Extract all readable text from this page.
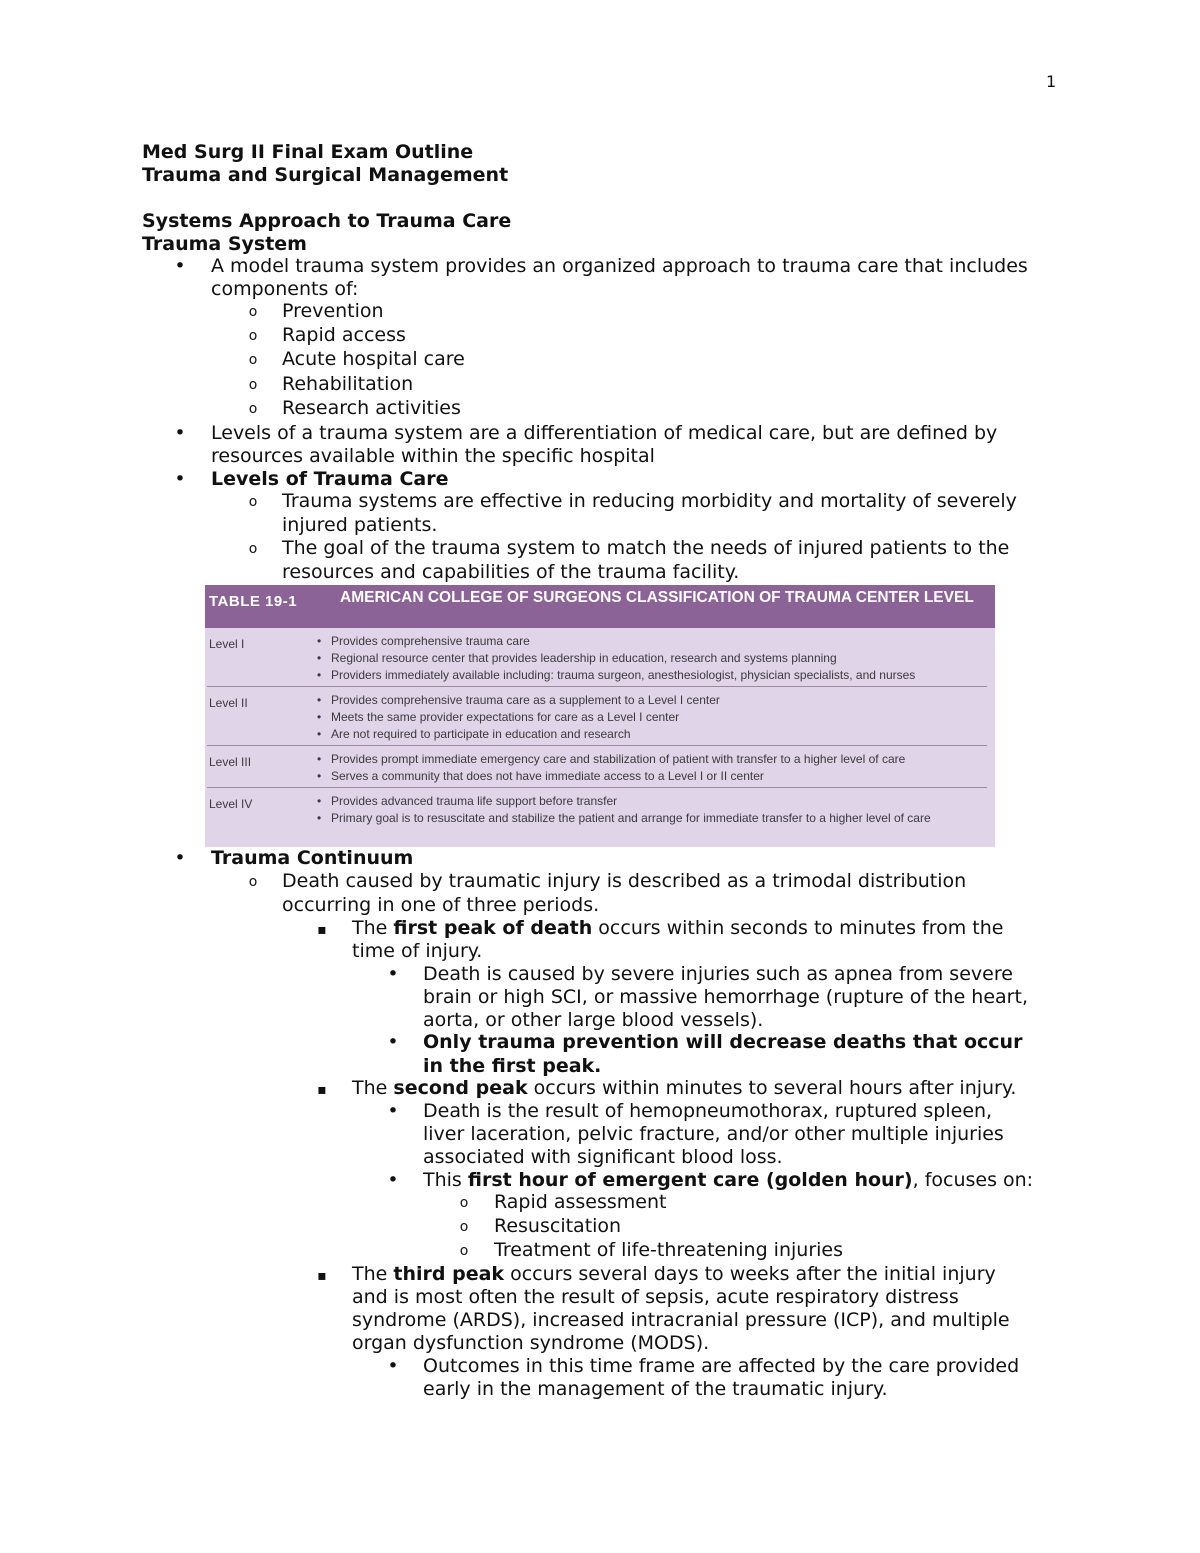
1
Med Surg II Final Exam Outline
Trauma and Surgical Management
Systems Approach to Trauma Care
Trauma System
•
A model trauma system provides an organized approach to trauma care that includes
components of:
o	Prevention
o	Rapid access
o	Acute hospital care
o	Rehabilitation
o	Research activities
•
Levels of a trauma system are a differentiation of medical care, but are defined by
resources available within the specific hospital
•
Levels of Trauma Care
o	Trauma systems are effective in reducing morbidity and mortality of severely
injured patients.
o	The goal of the trauma system to match the needs of injured patients to the
resources and capabilities of the trauma facility.
TABLE 19-1	AMERICAN COLLEGE OF SURGEONS CLASSIFICATION OF TRAUMA CENTER LEVEL
Level I	• Provides comprehensive trauma care
• Regional resource center that provides leadership in education, research and systems planning
• Providers immediately available including: trauma surgeon, anesthesiologist, physician specialists, and nurses
Level II	• Provides comprehensive trauma care as a supplement to a Level I center
• Meets the same provider expectations for care as a Level I center
• Are not required to participate in education and research
Level III	• Provides prompt immediate emergency care and stabilization of patient with transfer to a higher level of care
• Serves a community that does not have immediate access to a Level I or II center
Level IV	• Provides advanced trauma life support before transfer
• Primary goal is to resuscitate and stabilize the patient and arrange for immediate transfer to a higher level of care
•
Trauma Continuum
o	Death caused by traumatic injury is described as a trimodal distribution
occurring in one of three periods.
▪
The first peak of death occurs within seconds to minutes from the
time of injury.
•
Death is caused by severe injuries such as apnea from severe
brain or high SCI, or massive hemorrhage (rupture of the heart,
aorta, or other large blood vessels).
•
Only trauma prevention will decrease deaths that occur
in the first peak.
▪
The second peak occurs within minutes to several hours after injury.
•
Death is the result of hemopneumothorax, ruptured spleen,
liver laceration, pelvic fracture, and/or other multiple injuries
associated with significant blood loss.
•
This first hour of emergent care (golden hour), focuses on:
o	Rapid assessment
o	Resuscitation
o	Treatment of life-threatening injuries
▪
The third peak occurs several days to weeks after the initial injury
and is most often the result of sepsis, acute respiratory distress
syndrome (ARDS), increased intracranial pressure (ICP), and multiple
organ dysfunction syndrome (MODS).
•
Outcomes in this time frame are affected by the care provided
early in the management of the traumatic injury.
